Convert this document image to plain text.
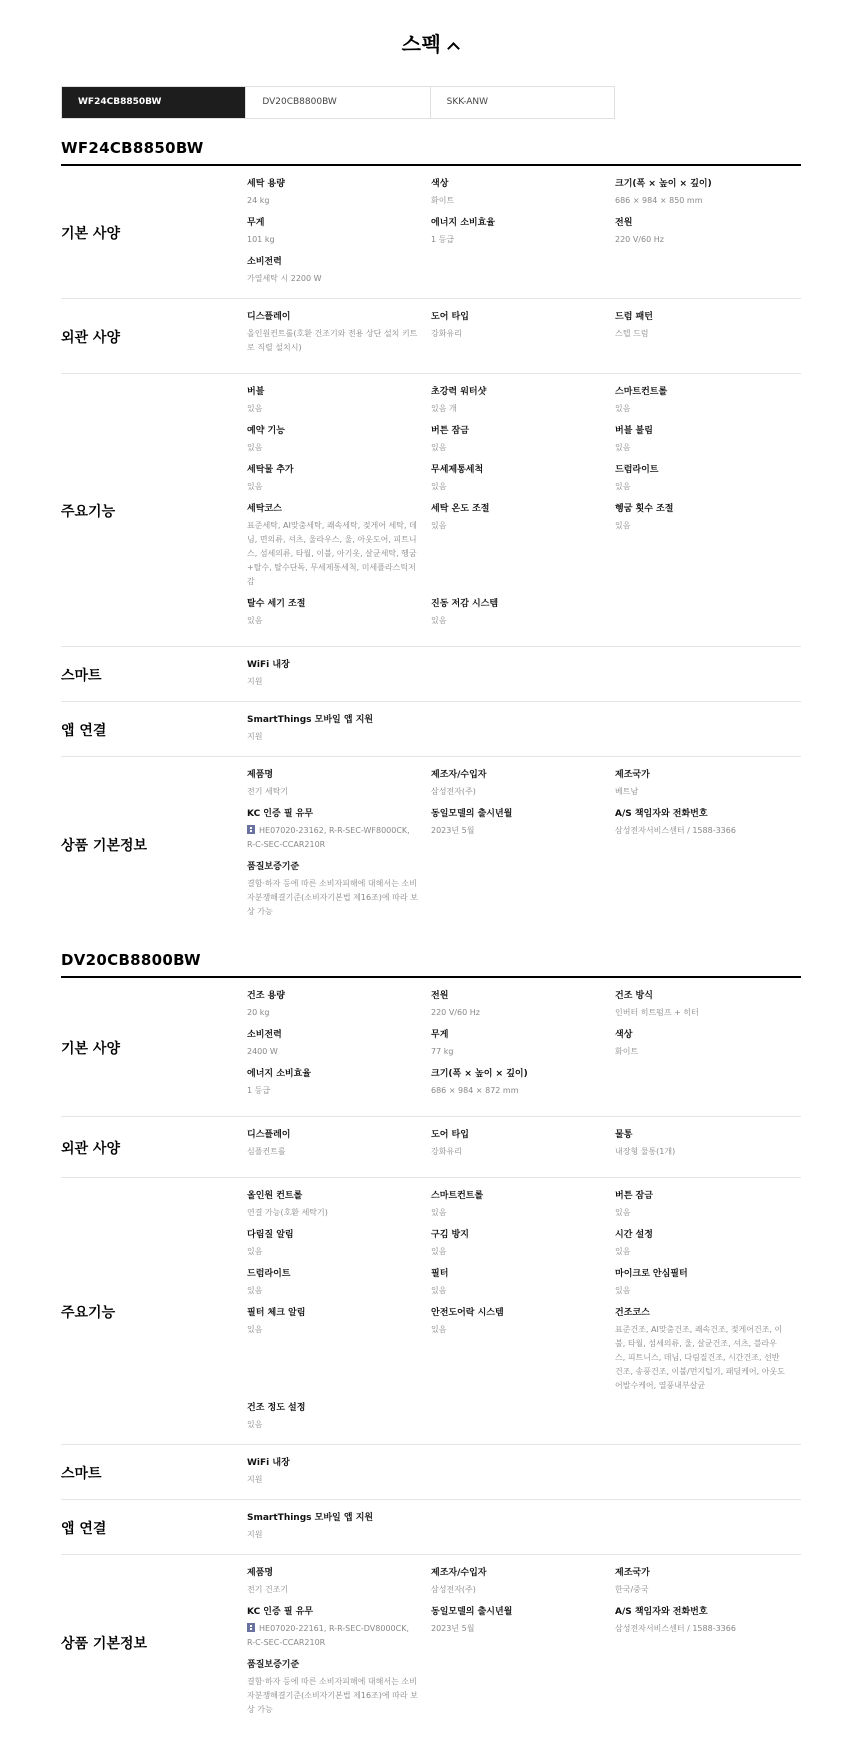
스펙
WF24CB8850BW	DV20CB8800BW	SKK-ANW
WF24CB8850BW
기본 사양
세탁 용량
24 kg
색상
화이트
크기(폭 × 높이 × 깊이)
686 × 984 × 850 mm
무게
101 kg
에너지 소비효율
1 등급
전원
220 V/60 Hz
소비전력
가열세탁 시 2200 W
외관 사양
디스플레이
올인원컨트롤(호환 건조기와 전용 상단 설치 키트로 직렬 설치시)
도어 타입
강화유리
드럼 패턴
스텝 드럼
주요기능
버블
있음
초강력 워터샷
있음 개
스마트컨트롤
있음
예약 기능
있음
버튼 잠금
있음
버블 불림
있음
세탁물 추가
있음
무세제통세척
있음
드럼라이트
있음
세탁코스
표준세탁, AI맞춤세탁, 쾌속세탁, 젖게어 세탁, 데님, 면의류, 셔츠, 울라우스, 울, 아웃도어, 피트니스, 섬세의류, 타월, 이불, 아기옷, 살균세탁, 헹굼+탈수, 탈수단독, 무세제통세척, 미세플라스틱저감
세탁 온도 조절
있음
헹굼 횟수 조절
있음
탈수 세기 조절
있음
진동 저감 시스템
있음
스마트
WiFi 내장
지원
앱 연결
SmartThings 모바일 앱 지원
지원
상품 기본정보
제품명
전기 세탁기
제조자/수입자
삼성전자(주)
제조국가
베트남
KC 인증 필 유무
HE07020-23162, R-R-SEC-WF8000CK, R-C-SEC-CCAR210R
동일모델의 출시년월
2023년 5월
A/S 책임자와 전화번호
삼성전자서비스센터 / 1588-3366
품질보증기준
결함·하자 등에 따른 소비자피해에 대해서는 소비자분쟁해결기준(소비자기본법 제16조)에 따라 보상 가능
DV20CB8800BW
기본 사양
건조 용량
20 kg
전원
220 V/60 Hz
건조 방식
인버터 히트펌프 + 히터
소비전력
2400 W
무게
77 kg
색상
화이트
에너지 소비효율
1 등급
크기(폭 × 높이 × 깊이)
686 × 984 × 872 mm
외관 사양
디스플레이
심플컨트롤
도어 타입
강화유리
물통
내장형 물통(1개)
주요기능
올인원 컨트롤
연결 가능(호환 세탁기)
스마트컨트롤
있음
버튼 잠금
있음
다림질 알림
있음
구김 방지
있음
시간 설정
있음
드럼라이트
있음
필터
있음
마이크로 안심필터
있음
필터 체크 알림
있음
안전도어락 시스템
있음
건조코스
표준건조, AI맞춤건조, 쾌속건조, 젖게어건조, 이불, 타월, 섬세의류, 울, 살균건조, 셔츠, 블라우스, 피트니스, 데님, 다림질건조, 시간건조, 선반건조, 송풍건조, 이불/먼지털기, 패딩케어, 아웃도어발수케어, 열풍내부살균
건조 정도 설정
있음
스마트
WiFi 내장
지원
앱 연결
SmartThings 모바일 앱 지원
지원
상품 기본정보
제품명
전기 건조기
제조자/수입자
삼성전자(주)
제조국가
한국/중국
KC 인증 필 유무
HE07020-22161, R-R-SEC-DV8000CK, R-C-SEC-CCAR210R
동일모델의 출시년월
2023년 5월
A/S 책임자와 전화번호
삼성전자서비스센터 / 1588-3366
품질보증기준
결함·하자 등에 따른 소비자피해에 대해서는 소비자분쟁해결기준(소비자기본법 제16조)에 따라 보상 가능
